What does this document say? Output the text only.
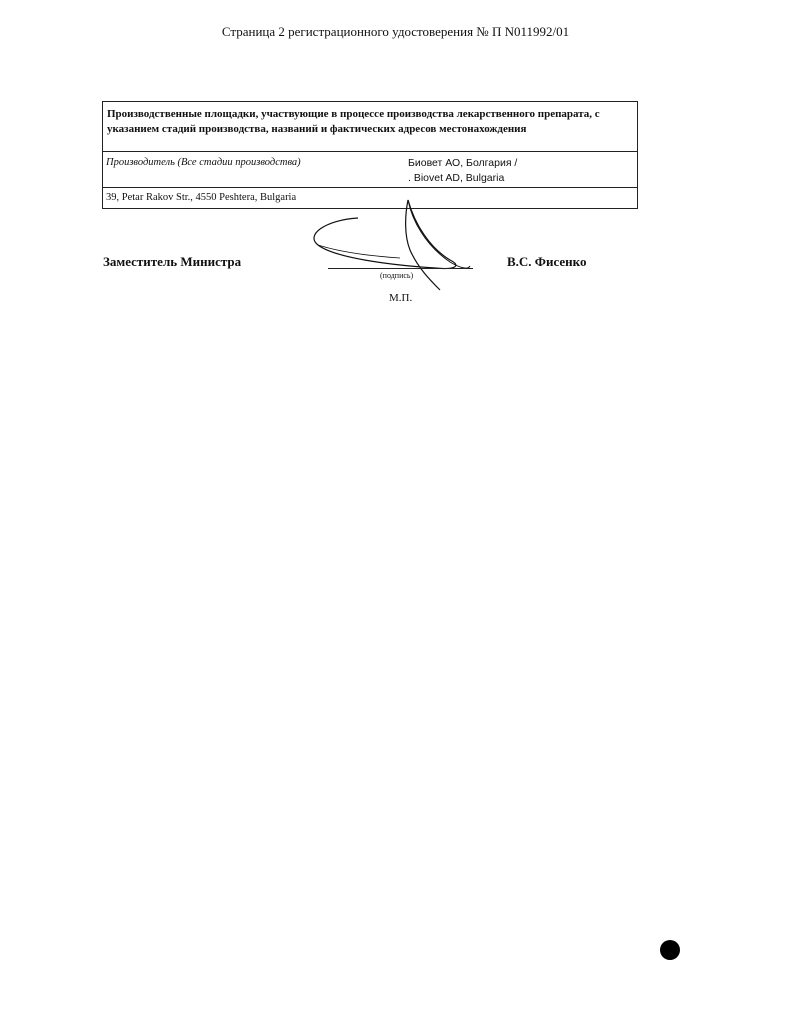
Страница 2 регистрационного удостоверения № П N011992/01
Производственные площадки, участвующие в процессе производства лекарственного препарата, с указанием стадий производства, названий и фактических адресов местонахождения
Производитель (Все стадии производства)	Биовет АО, Болгария /
. Biovet AD, Bulgaria
39, Petar Rakov Str., 4550 Peshtera, Bulgaria
Заместитель Министра
(подпись)
В.С. Фисенко
М.П.
